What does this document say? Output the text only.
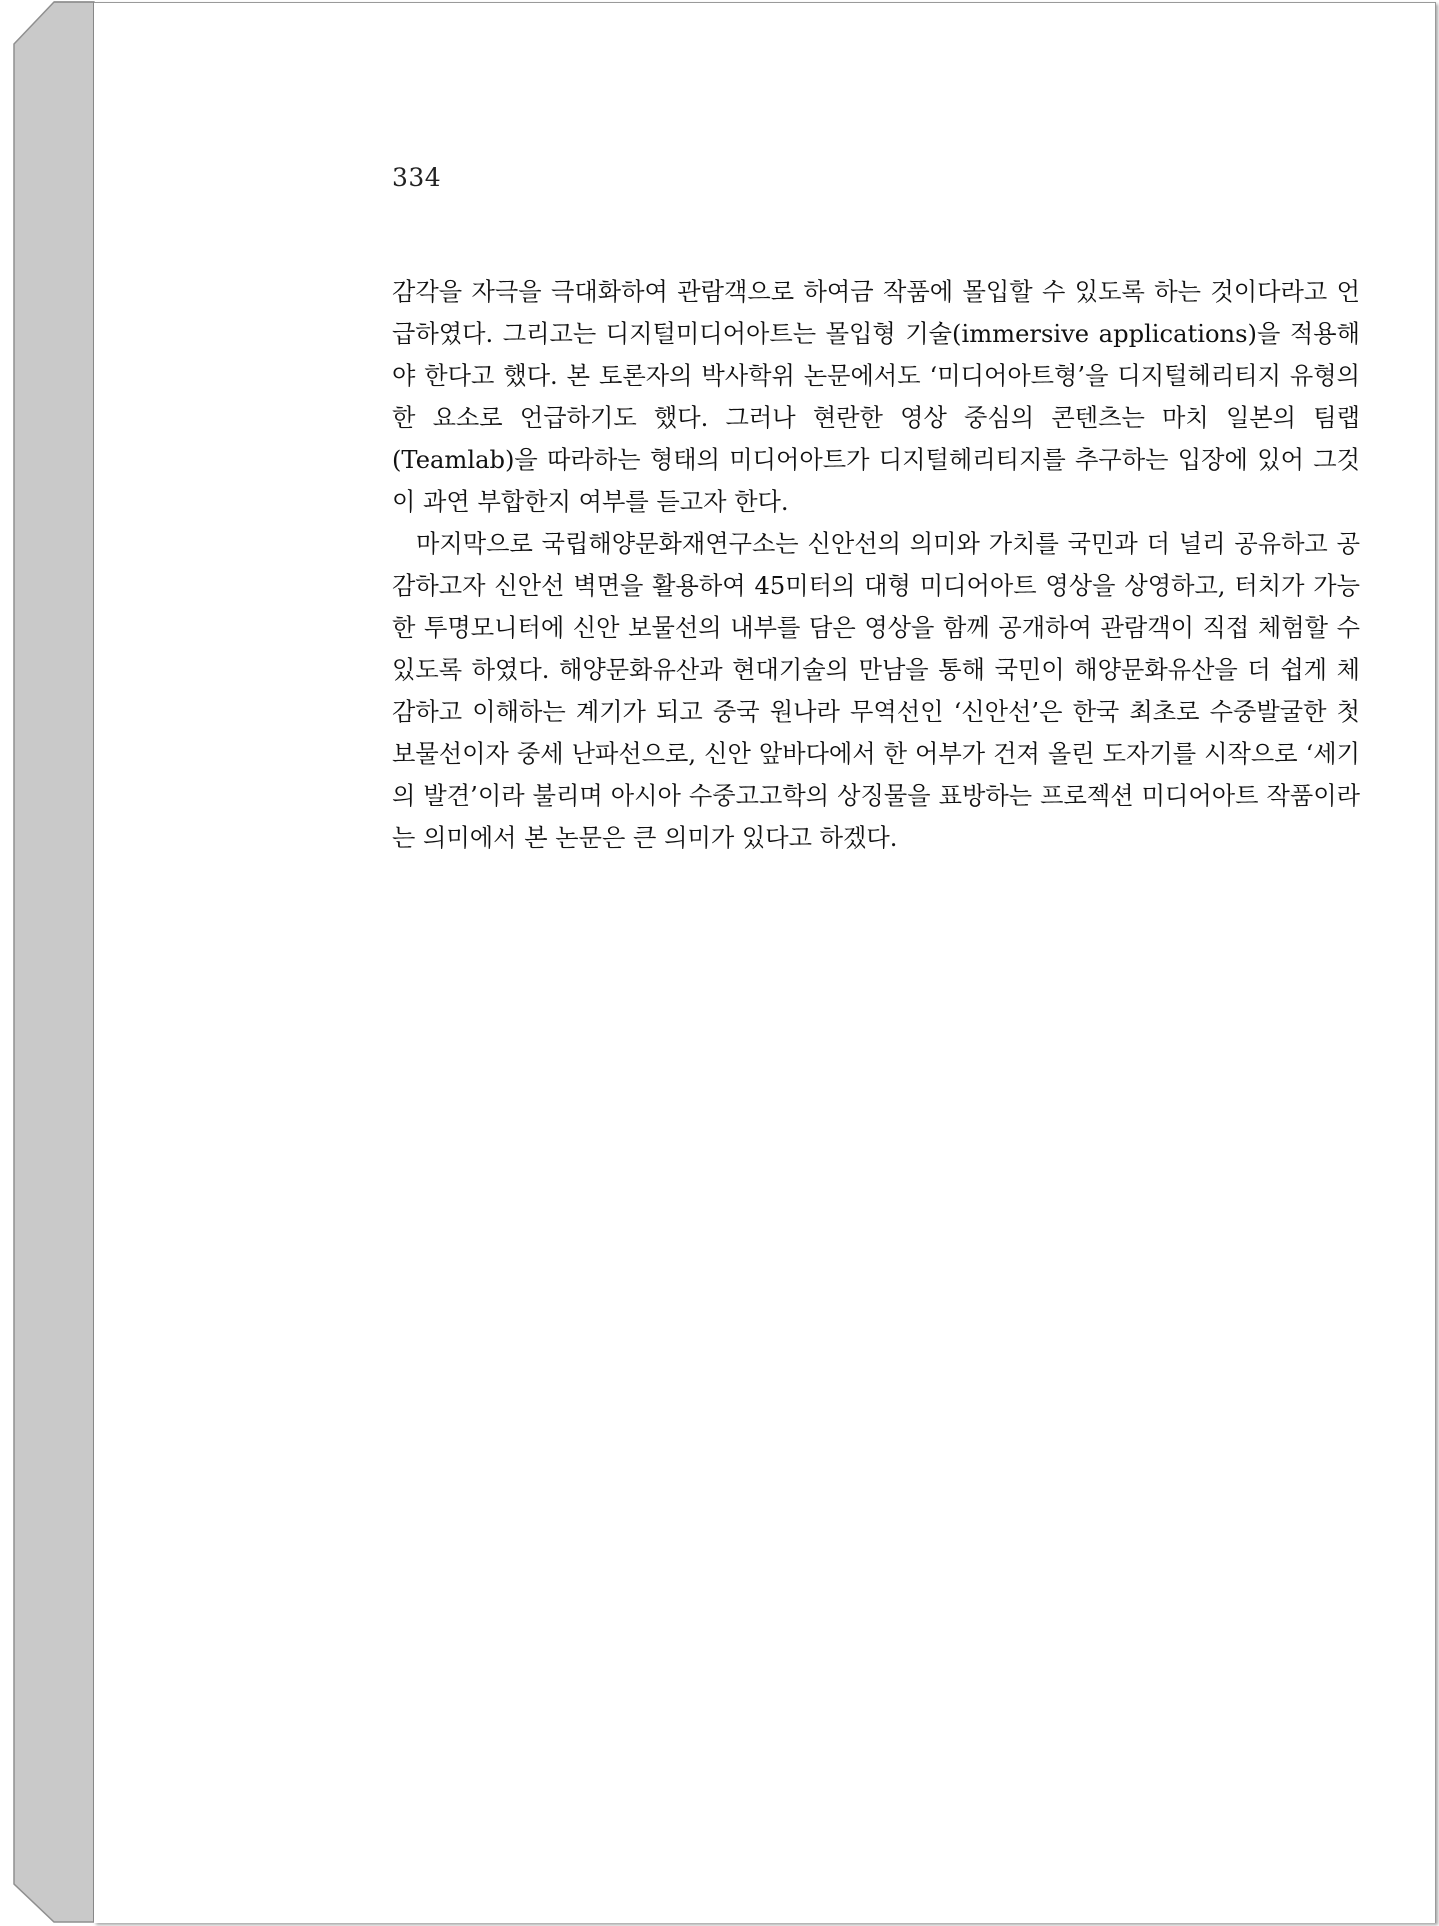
334

감각을 자극을 극대화하여 관람객으로 하여금 작품에 몰입할 수 있도록 하는 것이다라고 언급하였다. 그리고는 디지털미디어아트는 몰입형 기술(immersive applications)을 적용해야 한다고 했다. 본 토론자의 박사학위 논문에서도 ‘미디어아트형’을 디지털헤리티지 유형의 한 요소로 언급하기도 했다. 그러나 현란한 영상 중심의 콘텐츠는 마치 일본의 팀랩(Teamlab)을 따라하는 형태의 미디어아트가 디지털헤리티지를 추구하는 입장에 있어 그것이 과연 부합한지 여부를 듣고자 한다.

마지막으로 국립해양문화재연구소는 신안선의 의미와 가치를 국민과 더 널리 공유하고 공감하고자 신안선 벽면을 활용하여 45미터의 대형 미디어아트 영상을 상영하고, 터치가 가능한 투명모니터에 신안 보물선의 내부를 담은 영상을 함께 공개하여 관람객이 직접 체험할 수 있도록 하였다. 해양문화유산과 현대기술의 만남을 통해 국민이 해양문화유산을 더 쉽게 체감하고 이해하는 계기가 되고 중국 원나라 무역선인 ‘신안선’은 한국 최초로 수중발굴한 첫 보물선이자 중세 난파선으로, 신안 앞바다에서 한 어부가 건져 올린 도자기를 시작으로 ‘세기의 발견’이라 불리며 아시아 수중고고학의 상징물을 표방하는 프로젝션 미디어아트 작품이라는 의미에서 본 논문은 큰 의미가 있다고 하겠다.
